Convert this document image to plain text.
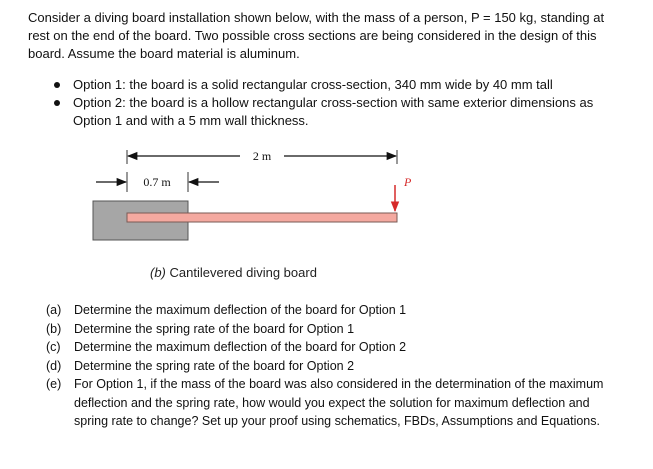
Consider a diving board installation shown below, with the mass of a person, P = 150 kg, standing at rest on the end of the board. Two possible cross sections are being considered in the design of this board. Assume the board material is aluminum.

Option 1: the board is a solid rectangular cross-section, 340 mm wide by 40 mm tall
Option 2: the board is a hollow rectangular cross-section with same exterior dimensions as Option 1 and with a 5 mm wall thickness.
2 m
0.7 m	P
(b) Cantilevered diving board
(a) Determine the maximum deflection of the board for Option 1
(b) Determine the spring rate of the board for Option 1
(c) Determine the maximum deflection of the board for Option 2
(d) Determine the spring rate of the board for Option 2
(e) For Option 1, if the mass of the board was also considered in the determination of the maximum deflection and the spring rate, how would you expect the solution for maximum deflection and spring rate to change? Set up your proof using schematics, FBDs, Assumptions and Equations.
